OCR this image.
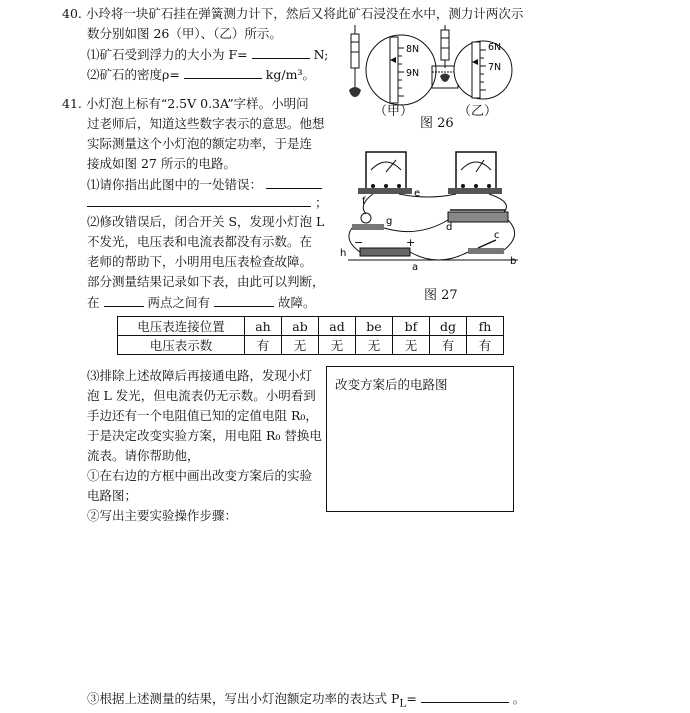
40. 小玲将一块矿石挂在弹簧测力计下，然后又将此矿石浸没在水中，测力计两次示
数分别如图 26（甲）、（乙）所示。
⑴矿石受到浮力的大小为 F=	N;
⑵矿石的密度ρ=	kg/m³。
8N
9N
6N
7N
（甲）
图 26
（乙）
41. 小灯泡上标有“2.5V 0.3A”字样。小明问
过老师后，知道这些数字表示的意思。他想
实际测量这个小灯泡的额定功率，于是连
接成如图 27 所示的电路。
⑴请你指出此图中的一处错误：
；
⑵修改错误后，闭合开关 S，发现小灯泡 L
不发光，电压表和电流表都没有示数。在
老师的帮助下，小明用电压表检查故障。
部分测量结果记录如下表，由此可以判断，
在	两点之间有	故障。
f
e
d
g
h
a
c
b
−	+
图 27
电压表连接位置	ah	ab	ad	be	bf	dg	fh
电压表示数	有	无	无	无	无	有	有
⑶排除上述故障后再接通电路，发现小灯
泡 L 发光，但电流表仍无示数。小明看到
手边还有一个电阻值已知的定值电阻 R₀，
于是决定改变实验方案，用电阻 R₀ 替换电
流表。请你帮助他，
①在右边的方框中画出改变方案后的实验
电路图；
②写出主要实验操作步骤：
改变方案后的电路图
③根据上述测量的结果，写出小灯泡额定功率的表达式 $P_L=$	。
